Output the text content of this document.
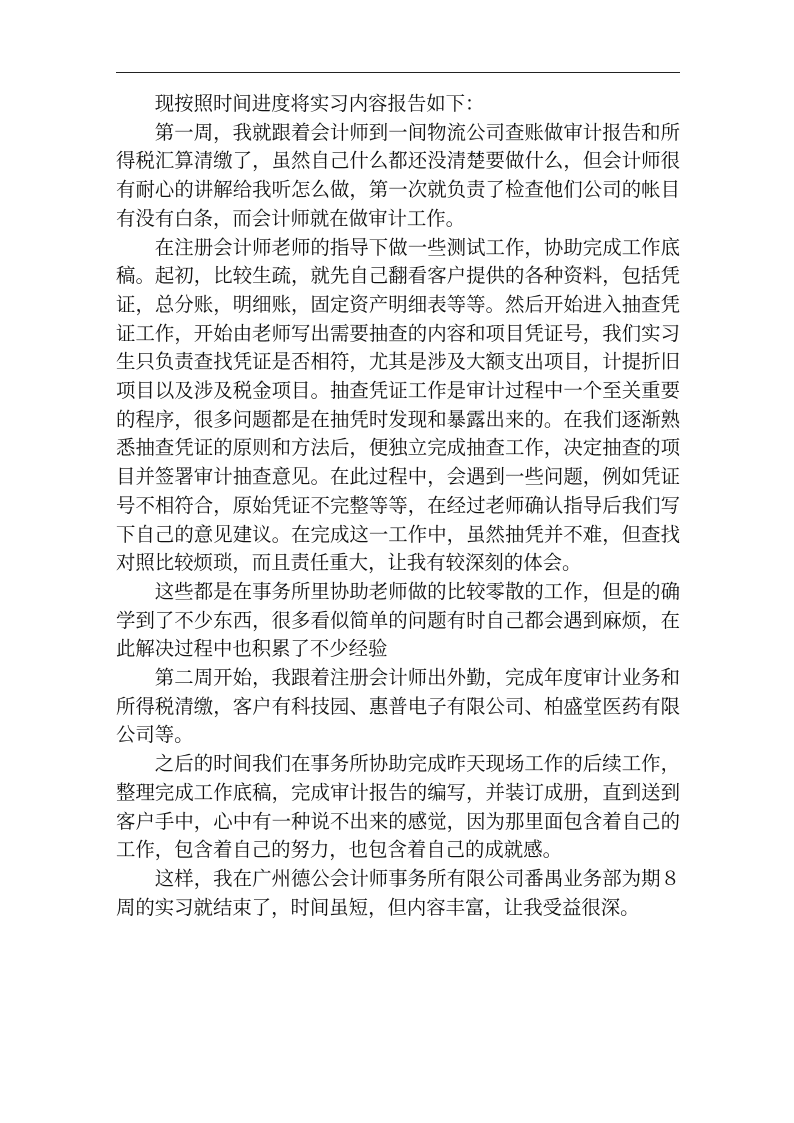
现按照时间进度将实习内容报告如下：

第一周，我就跟着会计师到一间物流公司查账做审计报告和所得税汇算清缴了，虽然自己什么都还没清楚要做什么，但会计师很有耐心的讲解给我听怎么做，第一次就负责了检查他们公司的帐目有没有白条，而会计师就在做审计工作。

在注册会计师老师的指导下做一些测试工作，协助完成工作底稿。起初，比较生疏，就先自己翻看客户提供的各种资料，包括凭证，总分账，明细账，固定资产明细表等等。然后开始进入抽查凭证工作，开始由老师写出需要抽查的内容和项目凭证号，我们实习生只负责查找凭证是否相符，尤其是涉及大额支出项目，计提折旧项目以及涉及税金项目。抽查凭证工作是审计过程中一个至关重要的程序，很多问题都是在抽凭时发现和暴露出来的。在我们逐渐熟悉抽查凭证的原则和方法后，便独立完成抽查工作，决定抽查的项目并签署审计抽查意见。在此过程中，会遇到一些问题，例如凭证号不相符合，原始凭证不完整等等，在经过老师确认指导后我们写下自己的意见建议。在完成这一工作中，虽然抽凭并不难，但查找对照比较烦琐，而且责任重大，让我有较深刻的体会。

这些都是在事务所里协助老师做的比较零散的工作，但是的确学到了不少东西，很多看似简单的问题有时自己都会遇到麻烦，在此解决过程中也积累了不少经验

第二周开始，我跟着注册会计师出外勤，完成年度审计业务和所得税清缴，客户有科技园、惠普电子有限公司、柏盛堂医药有限公司等。

之后的时间我们在事务所协助完成昨天现场工作的后续工作，整理完成工作底稿，完成审计报告的编写，并装订成册，直到送到客户手中，心中有一种说不出来的感觉，因为那里面包含着自己的工作，包含着自己的努力，也包含着自己的成就感。

这样，我在广州德公会计师事务所有限公司番禺业务部为期８周的实习就结束了，时间虽短，但内容丰富，让我受益很深。
